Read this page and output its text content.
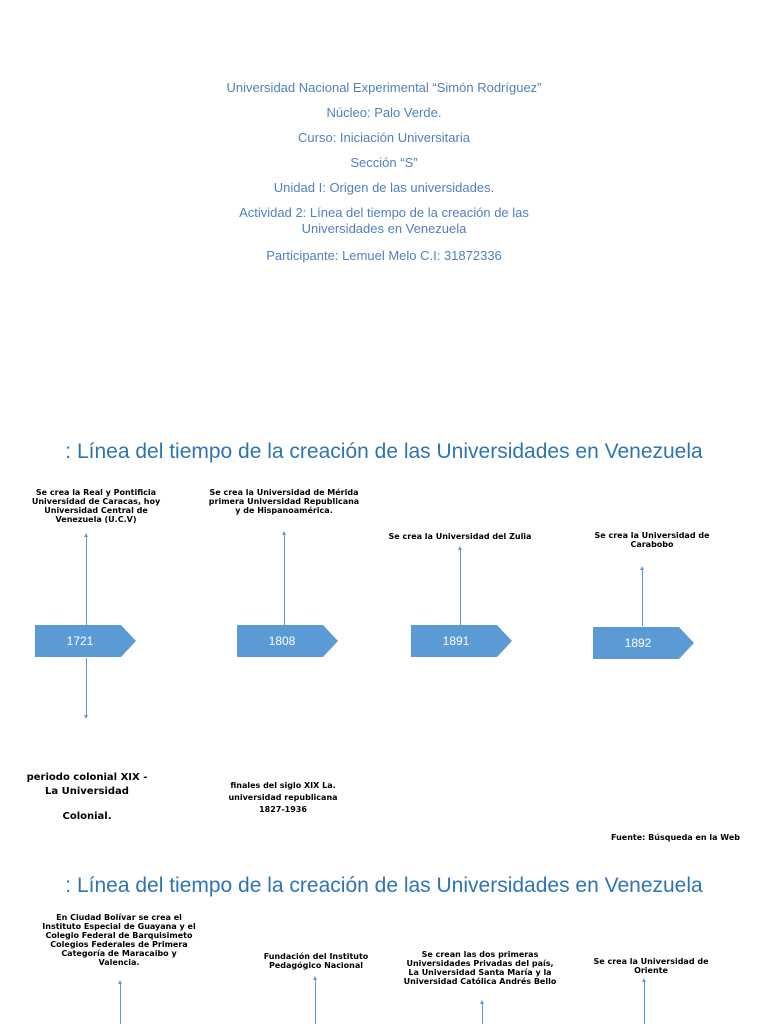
Universidad Nacional Experimental “Simón Rodríguez”
Núcleo: Palo Verde.
Curso: Iniciación Universitaria
Sección “S”
Unidad I: Origen de las universidades.
Actividad 2: Línea del tiempo de la creación de las
Universidades en Venezuela
Participante: Lemuel Melo C.I: 31872336
: Línea del tiempo de la creación de las Universidades en Venezuela
Se crea la Real y Pontificia Universidad de Caracas, hoy Universidad Central de Venezuela (U.C.V)
1721
periodo colonial XIX - La Universidad
Colonial.
Se crea la Universidad de Mérida primera Universidad Republicana y de Hispanoamérica.
1808
finales del siglo XIX La. universidad republicana 1827-1936
Se crea la Universidad del Zulia
1891
Se crea la Universidad de Carabobo
1892
Fuente: Búsqueda en la Web
: Línea del tiempo de la creación de las Universidades en Venezuela
En Ciudad Bolívar se crea el Instituto Especial de Guayana y el Colegio Federal de Barquisimeto Colegios Federales de Primera Categoría de Maracaibo y Valencia.
Fundación del Instituto Pedagógico Nacional
Se crean las dos primeras Universidades Privadas del país, La Universidad Santa María y la Universidad Católica Andrés Bello
Se crea la Universidad de Oriente
